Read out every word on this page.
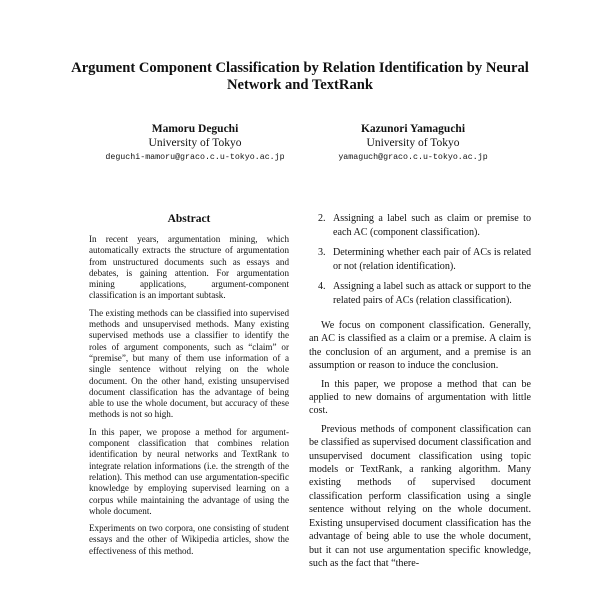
Argument Component Classification by Relation Identification by Neural Network and TextRank
Mamoru Deguchi
University of Tokyo
deguchi-mamoru@graco.c.u-tokyo.ac.jp
Kazunori Yamaguchi
University of Tokyo
yamaguch@graco.c.u-tokyo.ac.jp
Abstract

In recent years, argumentation mining, which automatically extracts the structure of argumentation from unstructured documents such as essays and debates, is gaining attention. For argumentation mining applications, argument-component classification is an important subtask.

The existing methods can be classified into supervised methods and unsupervised methods. Many existing supervised methods use a classifier to identify the roles of argument components, such as “claim” or “premise”, but many of them use information of a single sentence without relying on the whole document. On the other hand, existing unsupervised document classification has the advantage of being able to use the whole document, but accuracy of these methods is not so high.

In this paper, we propose a method for argument-component classification that combines relation identification by neural networks and TextRank to integrate relation informations (i.e. the strength of the relation). This method can use argumentation-specific knowledge by employing supervised learning on a corpus while maintaining the advantage of using the whole document.

Experiments on two corpora, one consisting of student essays and the other of Wikipedia articles, show the effectiveness of this method.

2. Assigning a label such as claim or premise to each AC (component classification).
3. Determining whether each pair of ACs is related or not (relation identification).
4. Assigning a label such as attack or support to the related pairs of ACs (relation classification).

We focus on component classification. Generally, an AC is classified as a claim or a premise. A claim is the conclusion of an argument, and a premise is an assumption or reason to induce the conclusion.

In this paper, we propose a method that can be applied to new domains of argumentation with little cost.

Previous methods of component classification can be classified as supervised document classification and unsupervised document classification using topic models or TextRank, a ranking algorithm. Many existing methods of supervised document classification perform classification using a single sentence without relying on the whole document. Existing unsupervised document classification has the advantage of being able to use the whole document, but it can not use argumentation specific knowledge, such as the fact that “there-
